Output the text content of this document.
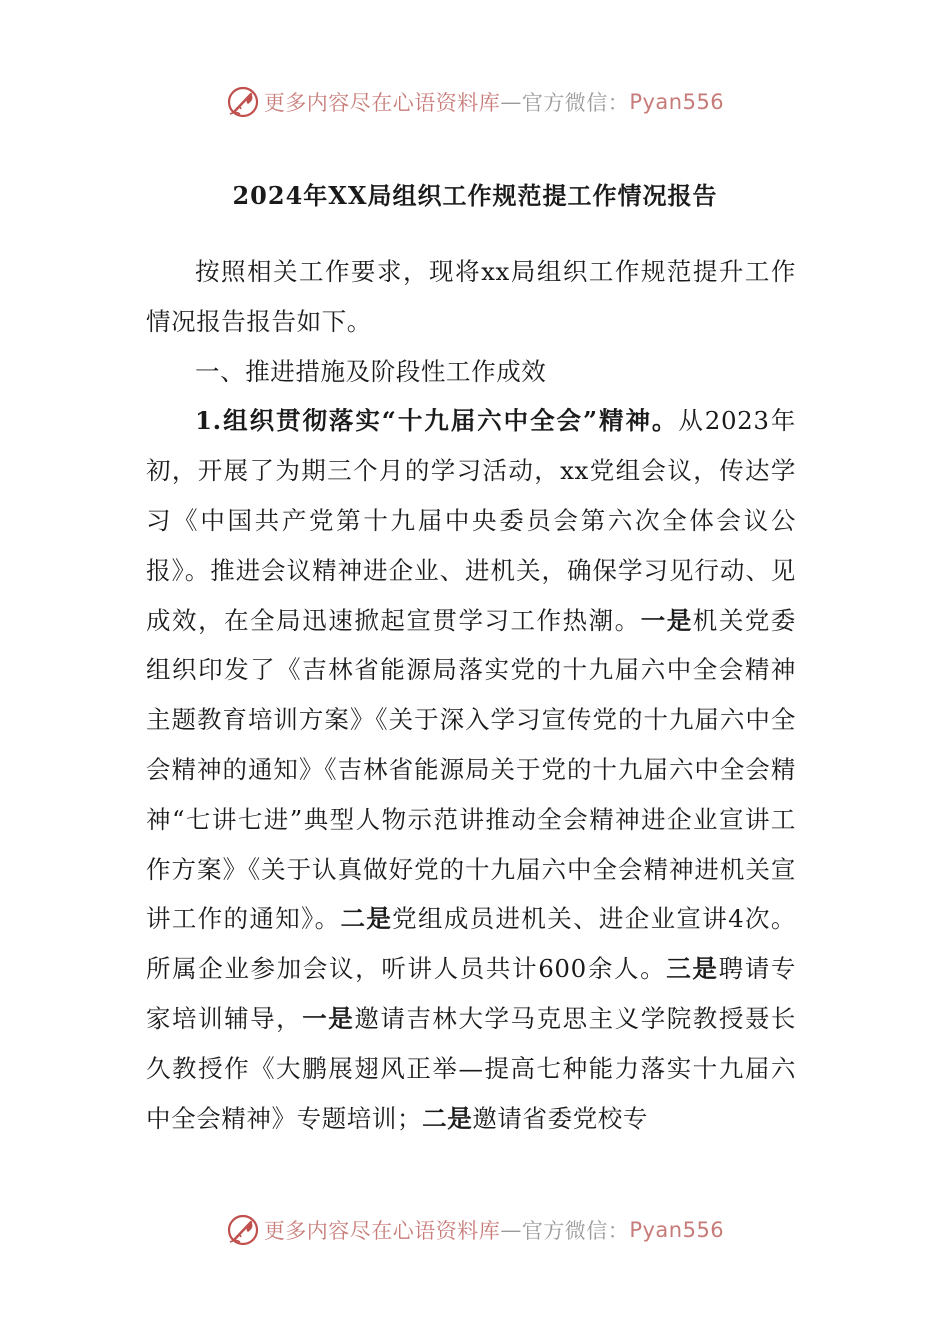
更多内容尽在心语资料库 — 官方微信： Pyan556
2024年XX局组织工作规范提工作情况报告

按照相关工作要求，现将xx局组织工作规范提升工作情况报告报告如下。

一、推进措施及阶段性工作成效

1.组织贯彻落实“十九届六中全会”精神。从2023年初，开展了为期三个月的学习活动，xx党组会议，传达学习《中国共产党第十九届中央委员会第六次全体会议公报》。推进会议精神进企业、进机关，确保学习见行动、见成效，在全局迅速掀起宣贯学习工作热潮。一是机关党委组织印发了《吉林省能源局落实党的十九届六中全会精神主题教育培训方案》《关于深入学习宣传党的十九届六中全会精神的通知》《吉林省能源局关于党的十九届六中全会精神“七讲七进”典型人物示范讲推动全会精神进企业宣讲工作方案》《关于认真做好党的十九届六中全会精神进机关宣讲工作的通知》。二是党组成员进机关、进企业宣讲4次。所属企业参加会议，听讲人员共计600余人。三是聘请专家培训辅导，一是邀请吉林大学马克思主义学院教授聂长久教授作《大鹏展翅风正举—提高七种能力落实十九届六中全会精神》专题培训；二是邀请省委党校专

更多内容尽在心语资料库 — 官方微信： Pyan556
